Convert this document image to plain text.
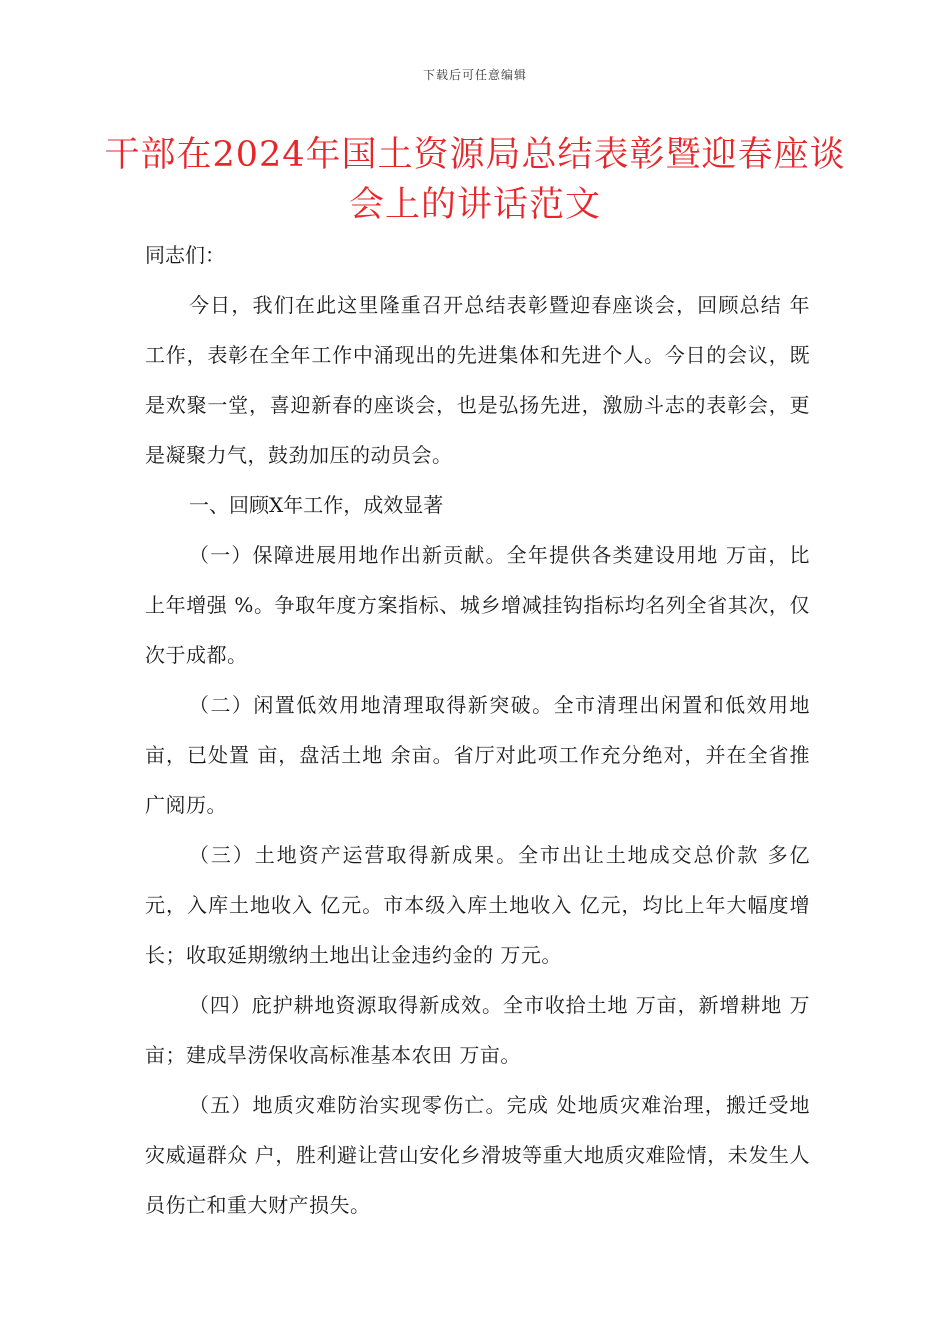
下载后可任意编辑
干部在2024年国土资源局总结表彰暨迎春座谈会上的讲话范文

同志们：

今日，我们在此这里隆重召开总结表彰暨迎春座谈会，回顾总结 年工作，表彰在全年工作中涌现出的先进集体和先进个人。今日的会议，既是欢聚一堂，喜迎新春的座谈会，也是弘扬先进，激励斗志的表彰会，更是凝聚力气，鼓劲加压的动员会。

一、回顾X年工作，成效显著

（一）保障进展用地作出新贡献。全年提供各类建设用地 万亩，比上年增强 %。争取年度方案指标、城乡增减挂钩指标均名列全省其次，仅次于成都。

（二）闲置低效用地清理取得新突破。全市清理出闲置和低效用地 亩，已处置 亩，盘活土地 余亩。省厅对此项工作充分绝对，并在全省推广阅历。

（三）土地资产运营取得新成果。全市出让土地成交总价款 多亿元，入库土地收入 亿元。市本级入库土地收入 亿元，均比上年大幅度增长；收取延期缴纳土地出让金违约金的 万元。

（四）庇护耕地资源取得新成效。全市收拾土地 万亩，新增耕地 万亩；建成旱涝保收高标准基本农田 万亩。

（五）地质灾难防治实现零伤亡。完成 处地质灾难治理，搬迁受地灾威逼群众 户，胜利避让营山安化乡滑坡等重大地质灾难险情，未发生人员伤亡和重大财产损失。
